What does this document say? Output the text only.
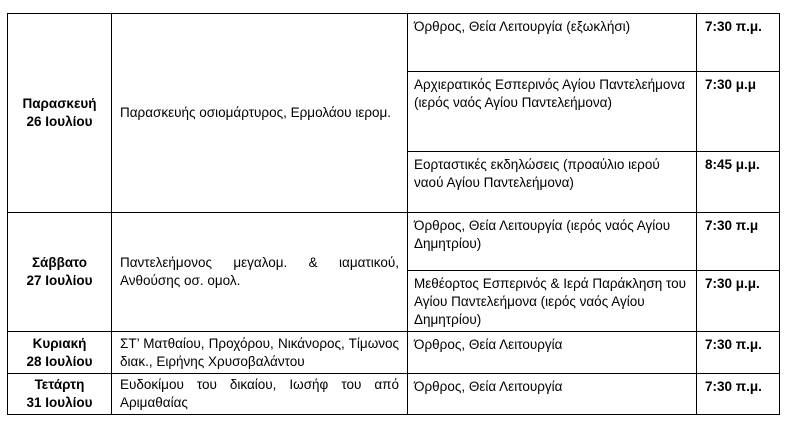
Παρασκευή
26 Ιουλίου	Παρασκευής οσιομάρτυρος, Ερμολάου ιερομ.	Όρθρος, Θεία Λειτουργία (εξωκλήσι)	7:30 π.μ.
		Αρχιερατικός Εσπερινός Αγίου Παντελεήμονα (ιερός ναός Αγίου Παντελεήμονα)	7:30 μ.μ
		Εορταστικές εκδηλώσεις (προαύλιο ιερού ναού Αγίου Παντελεήμονα)	8:45 μ.μ.

Σάββατο
27 Ιουλίου	Παντελεήμονος μεγαλομ. & ιαματικού, Ανθούσης οσ. ομολ.	Όρθρος, Θεία Λειτουργία (ιερός ναός Αγίου Δημητρίου)	7:30 π.μ
		Μεθέορτος Εσπερινός & Ιερά Παράκληση του Αγίου Παντελεήμονα (ιερός ναός Αγίου Δημητρίου)	7:30 μ.μ.

Κυριακή
28 Ιουλίου	ΣΤ’ Ματθαίου, Προχόρου, Νικάνορος, Τίμωνος διακ., Ειρήνης Χρυσοβαλάντου	Όρθρος, Θεία Λειτουργία	7:30 π.μ.

Τετάρτη
31 Ιουλίου	Ευδοκίμου του δικαίου, Ιωσήφ του από Αριμαθαίας	Όρθρος, Θεία Λειτουργία	7:30 π.μ.
